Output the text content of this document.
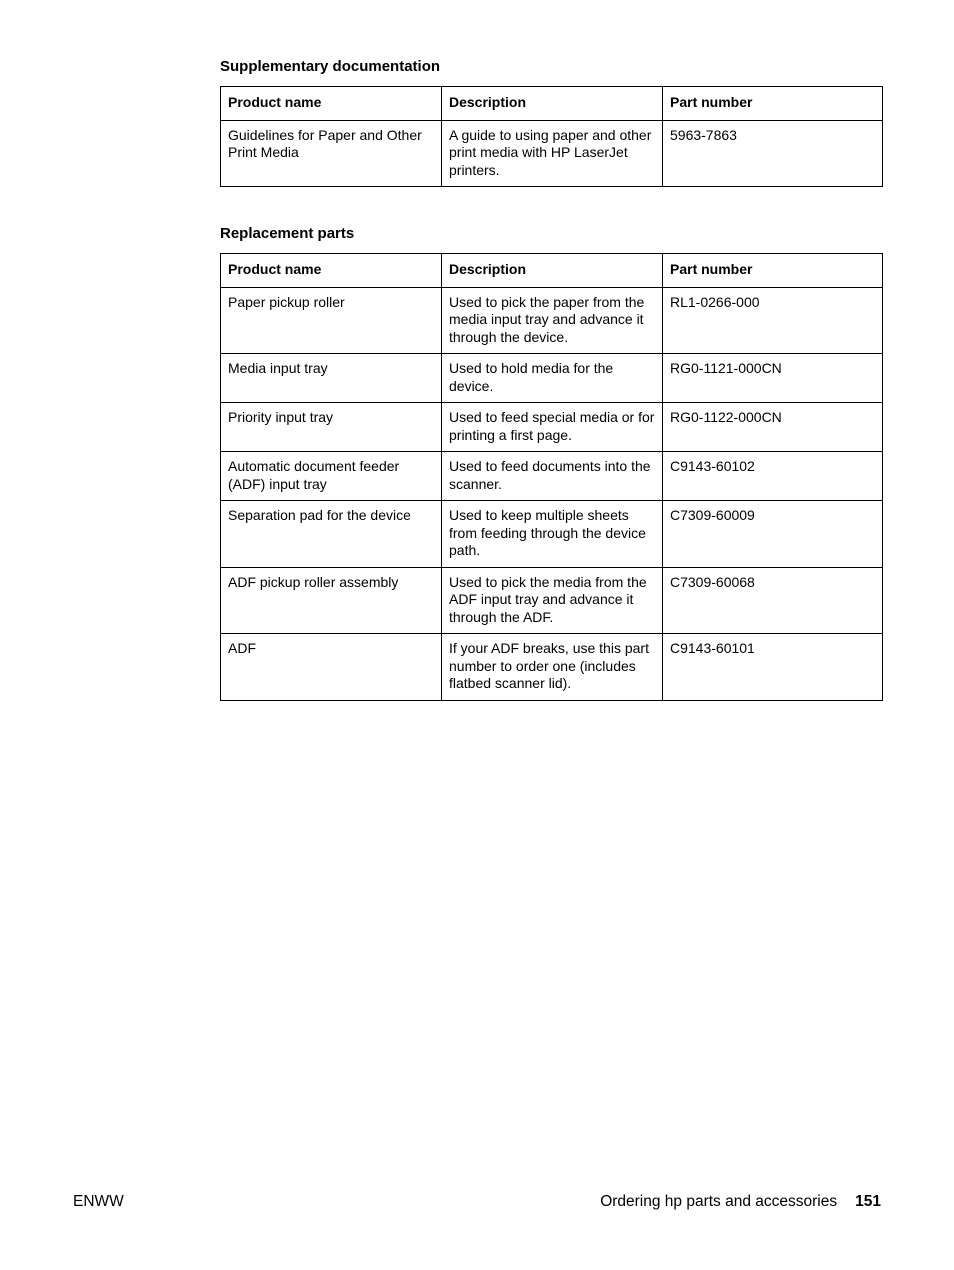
Supplementary documentation
Product name	Description	Part number
Guidelines for Paper and Other Print Media	A guide to using paper and other print media with HP LaserJet printers.	5963-7863
Replacement parts
Product name	Description	Part number
Paper pickup roller	Used to pick the paper from the media input tray and advance it through the device.	RL1-0266-000
Media input tray	Used to hold media for the device.	RG0-1121-000CN
Priority input tray	Used to feed special media or for printing a first page.	RG0-1122-000CN
Automatic document feeder (ADF) input tray	Used to feed documents into the scanner.	C9143-60102
Separation pad for the device	Used to keep multiple sheets from feeding through the device path.	C7309-60009
ADF pickup roller assembly	Used to pick the media from the ADF input tray and advance it through the ADF.	C7309-60068
ADF	If your ADF breaks, use this part number to order one (includes flatbed scanner lid).	C9143-60101
ENWW	Ordering hp parts and accessories 151
